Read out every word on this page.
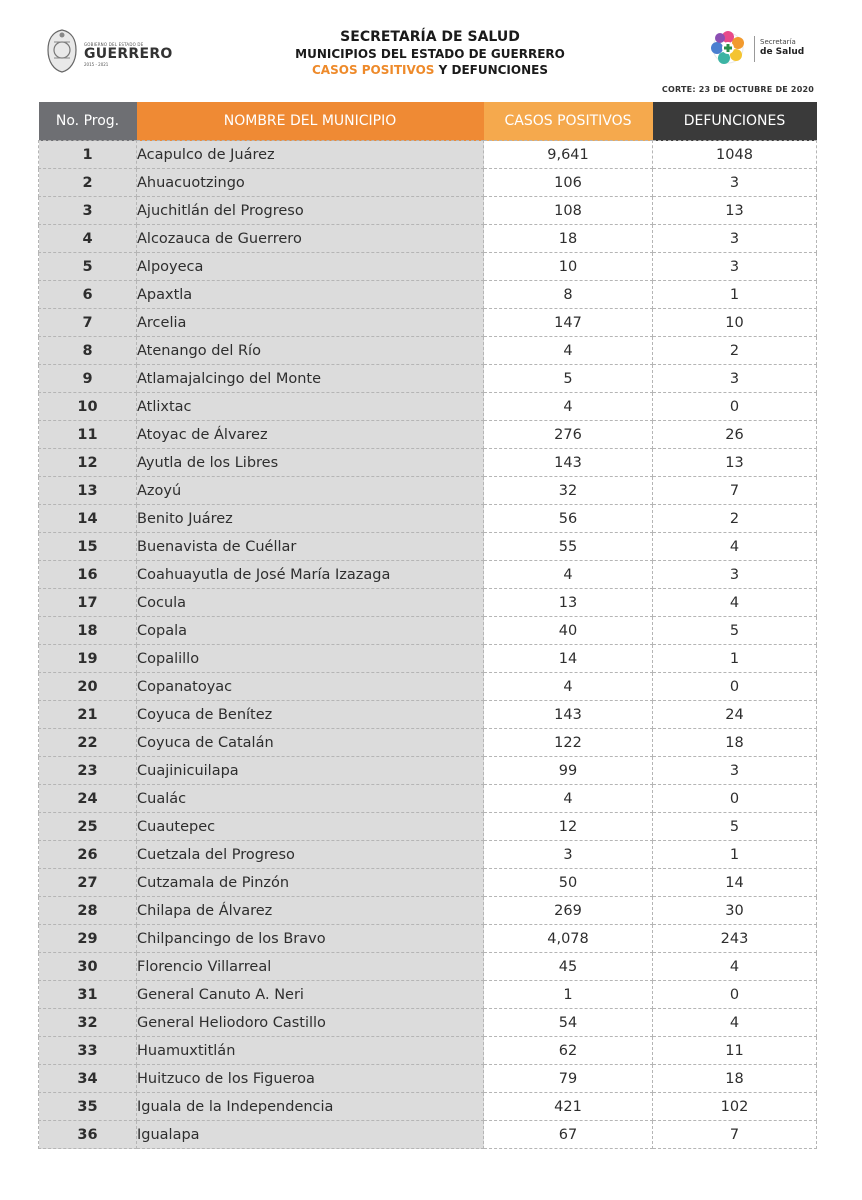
GOBIERNO DEL ESTADO DE
GUERRERO
2015 - 2021
SECRETARÍA DE SALUD
MUNICIPIOS DEL ESTADO DE GUERRERO
CASOS POSITIVOS Y DEFUNCIONES
Secretaría
de Salud
CORTE: 23 DE OCTUBRE DE 2020
No. Prog.	NOMBRE DEL MUNICIPIO	CASOS POSITIVOS	DEFUNCIONES
1	Acapulco de Juárez	9,641	1048
2	Ahuacuotzingo	106	3
3	Ajuchitlán del Progreso	108	13
4	Alcozauca de Guerrero	18	3
5	Alpoyeca	10	3
6	Apaxtla	8	1
7	Arcelia	147	10
8	Atenango del Río	4	2
9	Atlamajalcingo del Monte	5	3
10	Atlixtac	4	0
11	Atoyac de Álvarez	276	26
12	Ayutla de los Libres	143	13
13	Azoyú	32	7
14	Benito Juárez	56	2
15	Buenavista de Cuéllar	55	4
16	Coahuayutla de José María Izazaga	4	3
17	Cocula	13	4
18	Copala	40	5
19	Copalillo	14	1
20	Copanatoyac	4	0
21	Coyuca de Benítez	143	24
22	Coyuca de Catalán	122	18
23	Cuajinicuilapa	99	3
24	Cualác	4	0
25	Cuautepec	12	5
26	Cuetzala del Progreso	3	1
27	Cutzamala de Pinzón	50	14
28	Chilapa de Álvarez	269	30
29	Chilpancingo de los Bravo	4,078	243
30	Florencio Villarreal	45	4
31	General Canuto A. Neri	1	0
32	General Heliodoro Castillo	54	4
33	Huamuxtitlán	62	11
34	Huitzuco de los Figueroa	79	18
35	Iguala de la Independencia	421	102
36	Igualapa	67	7
